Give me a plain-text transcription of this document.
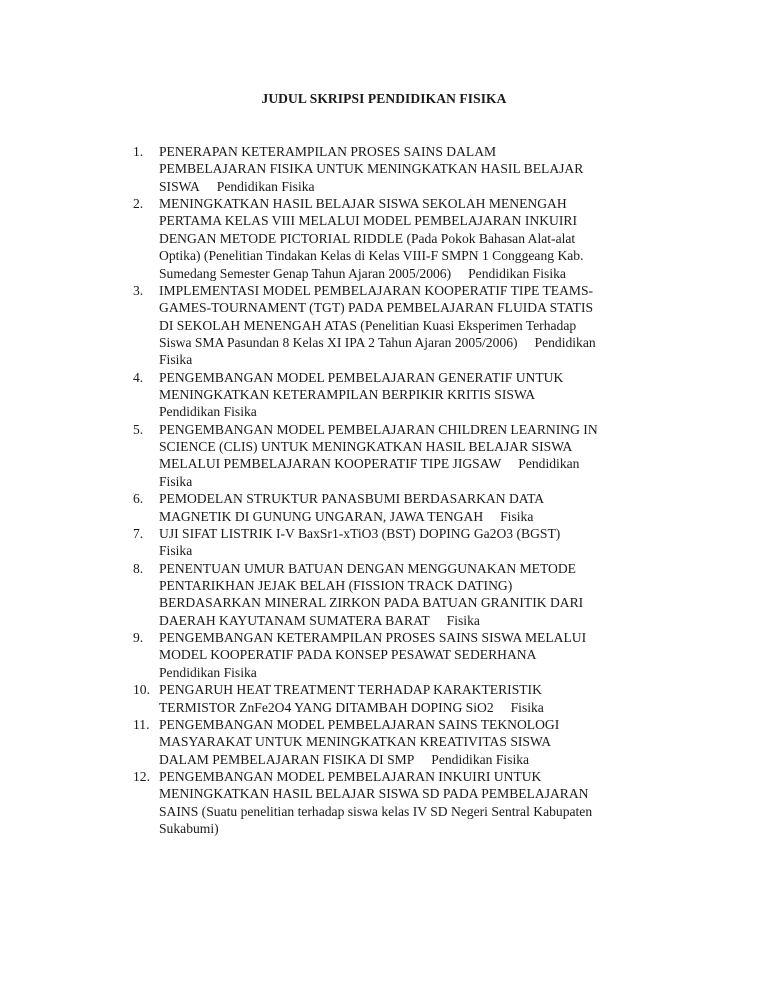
JUDUL SKRIPSI PENDIDIKAN FISIKA
1. PENERAPAN KETERAMPILAN PROSES SAINS DALAM
PEMBELAJARAN FISIKA UNTUK MENINGKATKAN HASIL BELAJAR
SISWA  Pendidikan Fisika
2. MENINGKATKAN HASIL BELAJAR SISWA SEKOLAH MENENGAH
PERTAMA KELAS VIII MELALUI MODEL PEMBELAJARAN INKUIRI
DENGAN METODE PICTORIAL RIDDLE (Pada Pokok Bahasan Alat-alat
Optika) (Penelitian Tindakan Kelas di Kelas VIII-F SMPN 1 Conggeang Kab.
Sumedang Semester Genap Tahun Ajaran 2005/2006)  Pendidikan Fisika
3. IMPLEMENTASI MODEL PEMBELAJARAN KOOPERATIF TIPE TEAMS-
GAMES-TOURNAMENT (TGT) PADA PEMBELAJARAN FLUIDA STATIS
DI SEKOLAH MENENGAH ATAS (Penelitian Kuasi Eksperimen Terhadap
Siswa SMA Pasundan 8 Kelas XI IPA 2 Tahun Ajaran 2005/2006)  Pendidikan
Fisika
4. PENGEMBANGAN MODEL PEMBELAJARAN GENERATIF UNTUK
MENINGKATKAN KETERAMPILAN BERPIKIR KRITIS SISWA
Pendidikan Fisika
5. PENGEMBANGAN MODEL PEMBELAJARAN CHILDREN LEARNING IN
SCIENCE (CLIS) UNTUK MENINGKATKAN HASIL BELAJAR SISWA
MELALUI PEMBELAJARAN KOOPERATIF TIPE JIGSAW  Pendidikan
Fisika
6. PEMODELAN STRUKTUR PANASBUMI BERDASARKAN DATA
MAGNETIK DI GUNUNG UNGARAN, JAWA TENGAH  Fisika
7. UJI SIFAT LISTRIK I-V BaxSr1-xTiO3 (BST) DOPING Ga2O3 (BGST)
Fisika
8. PENENTUAN UMUR BATUAN DENGAN MENGGUNAKAN METODE
PENTARIKHAN JEJAK BELAH (FISSION TRACK DATING)
BERDASARKAN MINERAL ZIRKON PADA BATUAN GRANITIK DARI
DAERAH KAYUTANAM SUMATERA BARAT  Fisika
9. PENGEMBANGAN KETERAMPILAN PROSES SAINS SISWA MELALUI
MODEL KOOPERATIF PADA KONSEP PESAWAT SEDERHANA
Pendidikan Fisika
10. PENGARUH HEAT TREATMENT TERHADAP KARAKTERISTIK
TERMISTOR ZnFe2O4 YANG DITAMBAH DOPING SiO2  Fisika
11. PENGEMBANGAN MODEL PEMBELAJARAN SAINS TEKNOLOGI
MASYARAKAT UNTUK MENINGKATKAN KREATIVITAS SISWA
DALAM PEMBELAJARAN FISIKA DI SMP  Pendidikan Fisika
12. PENGEMBANGAN MODEL PEMBELAJARAN INKUIRI UNTUK
MENINGKATKAN HASIL BELAJAR SISWA SD PADA PEMBELAJARAN
SAINS (Suatu penelitian terhadap siswa kelas IV SD Negeri Sentral Kabupaten
Sukabumi)
